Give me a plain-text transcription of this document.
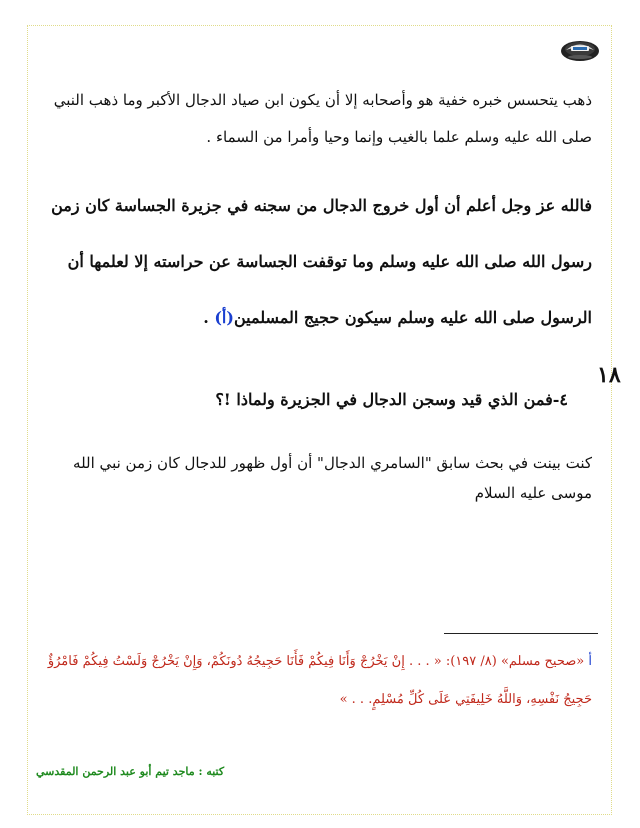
ذهب يتحسس خبره خفية هو وأصحابه إلا أن يكون ابن صياد الدجال الأكبر وما ذهب النبي صلى الله عليه وسلم علما بالغيب وإنما وحيا وأمرا من السماء .
فالله عز وجل أعلم أن أول خروج الدجال من سجنه في جزيرة الجساسة كان زمن رسول الله صلى الله عليه وسلم وما توقفت الجساسة عن حراسته إلا لعلمها أن الرسول صلى الله عليه وسلم سيكون حجيج المسلمين(أ) .
١٨
٤-فمن الذي قيد وسجن الدجال في الجزيرة ولماذا !؟
كنت بينت في بحث سابق "السامري الدجال" أن أول ظهور للدجال كان زمن نبي الله موسى عليه السلام
أ «صحيح مسلم» (٨/ ١٩٧): « . . . إِنْ يَخْرُجْ وَأَنَا فِيكُمْ فَأَنَا حَجِيجُهُ دُونَكُمْ، وَإِنْ يَخْرُجْ وَلَسْتُ فِيكُمْ فَامْرُؤٌ حَجِيجُ نَفْسِهِ، وَاللَّهُ خَلِيفَتِي عَلَى كُلِّ مُسْلِمٍ. . . »
كتبه : ماجد تيم أبو عبد الرحمن المقدسي
